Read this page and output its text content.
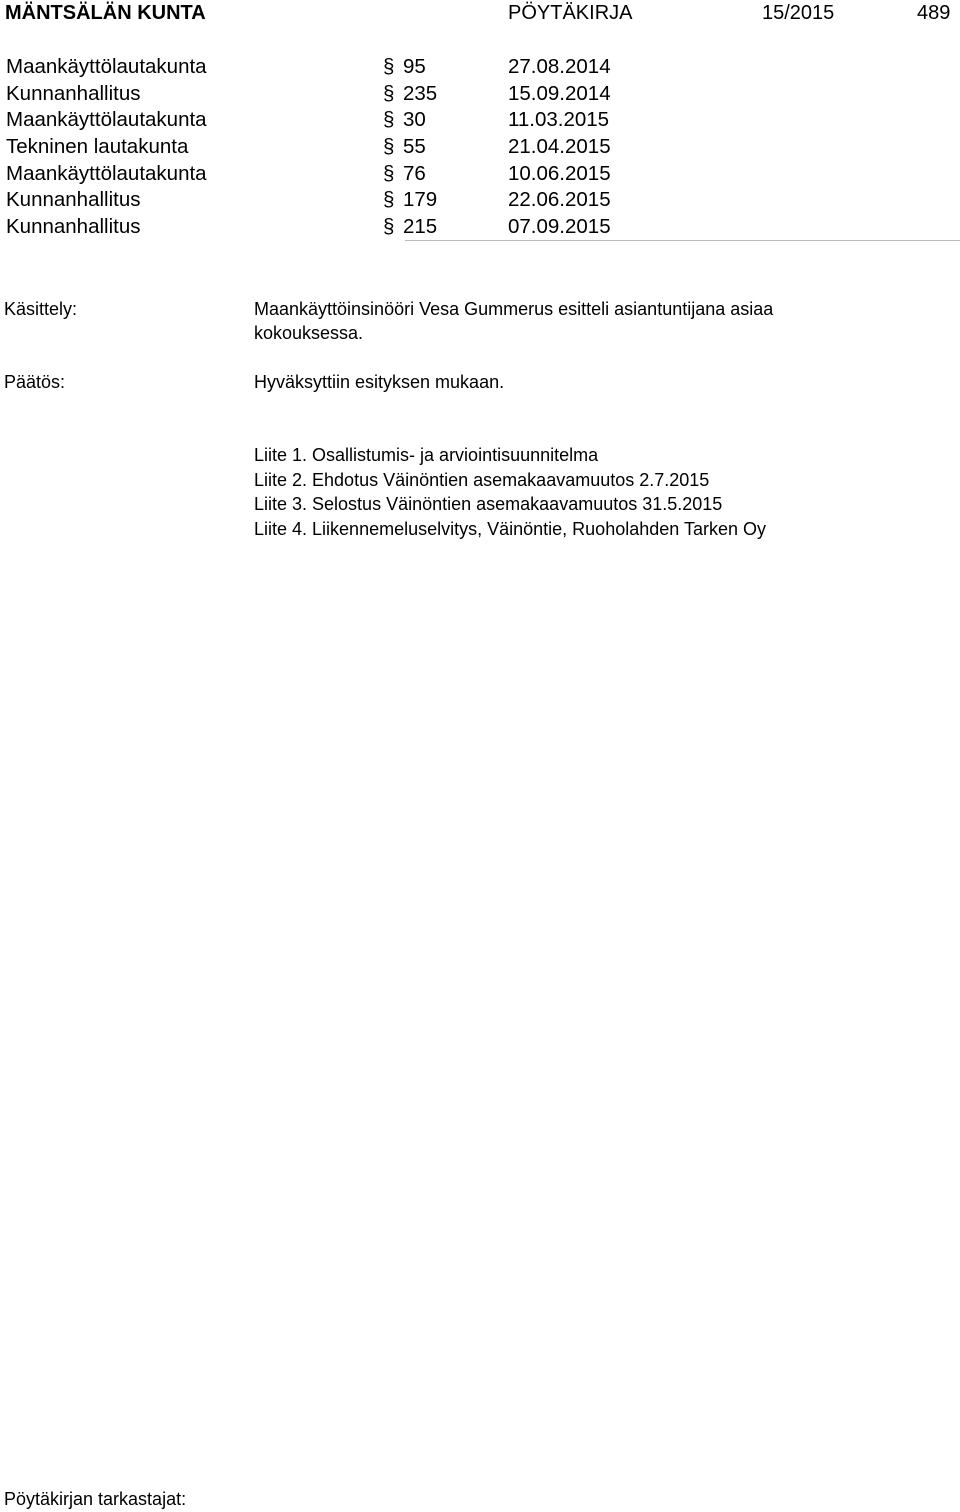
MÄNTSÄLÄN KUNTA	PÖYTÄKIRJA	15/2015	489
Maankäyttölautakunta	§ 95	27.08.2014
Kunnanhallitus	§ 235	15.09.2014
Maankäyttölautakunta	§ 30	11.03.2015
Tekninen lautakunta	§ 55	21.04.2015
Maankäyttölautakunta	§ 76	10.06.2015
Kunnanhallitus	§ 179	22.06.2015
Kunnanhallitus	§ 215	07.09.2015
Käsittely:	Maankäyttöinsinööri Vesa Gummerus esitteli asiantuntijana asiaa
kokouksessa.
Päätös:	Hyväksyttiin esityksen mukaan.
Liite 1. Osallistumis- ja arviointisuunnitelma
Liite 2. Ehdotus Väinöntien asemakaavamuutos 2.7.2015
Liite 3. Selostus Väinöntien asemakaavamuutos 31.5.2015
Liite 4. Liikennemeluselvitys, Väinöntie, Ruoholahden Tarken Oy
Pöytäkirjan tarkastajat:
